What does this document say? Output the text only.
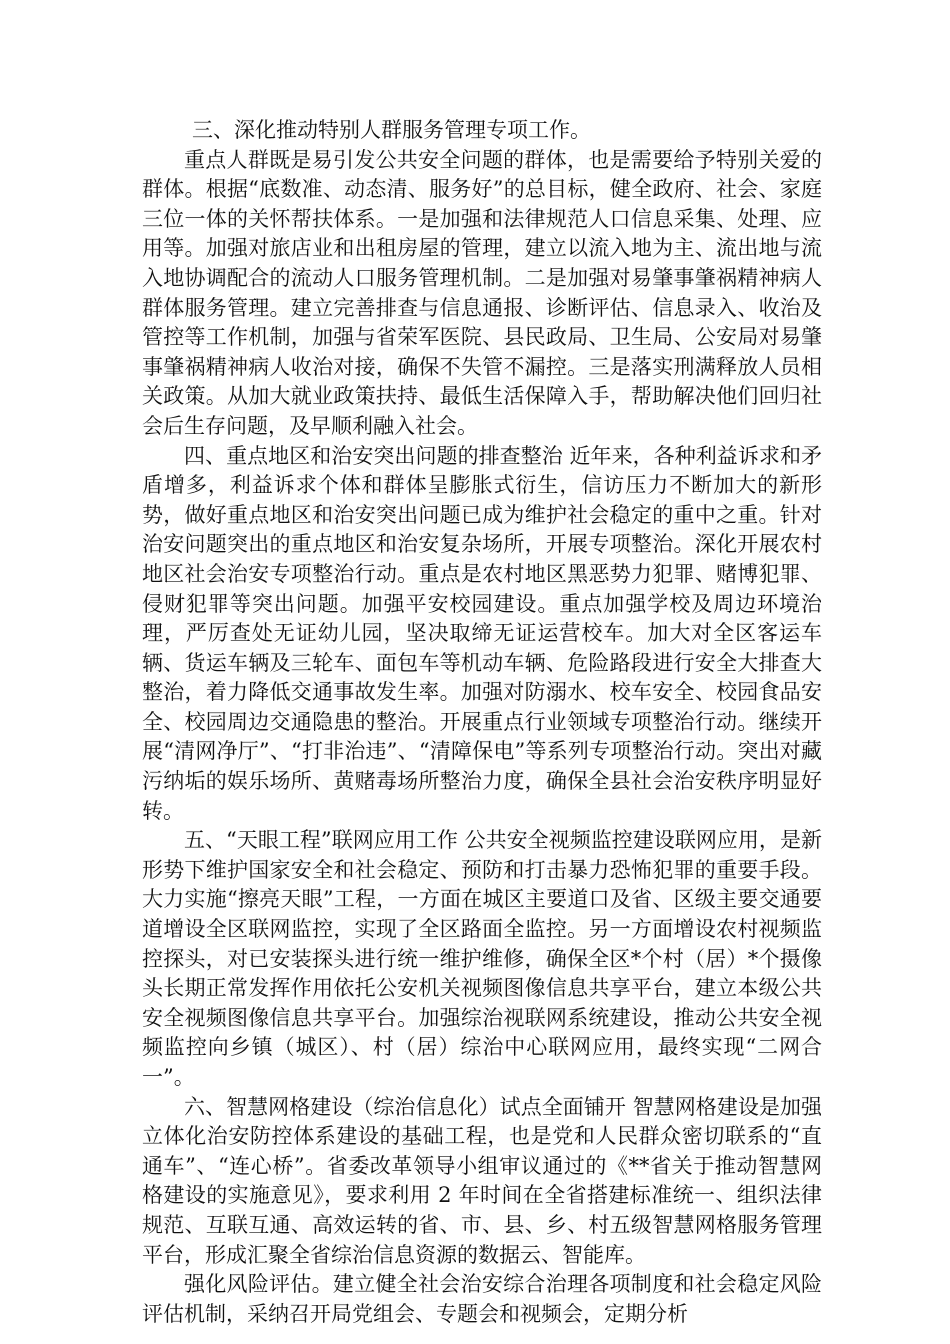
三、深化推动特别人群服务管理专项工作。

重点人群既是易引发公共安全问题的群体，也是需要给予特别关爱的群体。根据“底数准、动态清、服务好”的总目标，健全政府、社会、家庭三位一体的关怀帮扶体系。一是加强和法律规范人口信息采集、处理、应用等。加强对旅店业和出租房屋的管理，建立以流入地为主、流出地与流入地协调配合的流动人口服务管理机制。二是加强对易肇事肇祸精神病人群体服务管理。建立完善排查与信息通报、诊断评估、信息录入、收治及管控等工作机制，加强与省荣军医院、县民政局、卫生局、公安局对易肇事肇祸精神病人收治对接，确保不失管不漏控。三是落实刑满释放人员相关政策。从加大就业政策扶持、最低生活保障入手，帮助解决他们回归社会后生存问题，及早顺利融入社会。

四、重点地区和治安突出问题的排查整治 近年来，各种利益诉求和矛盾增多，利益诉求个体和群体呈膨胀式衍生，信访压力不断加大的新形势，做好重点地区和治安突出问题已成为维护社会稳定的重中之重。针对治安问题突出的重点地区和治安复杂场所，开展专项整治。深化开展农村地区社会治安专项整治行动。重点是农村地区黑恶势力犯罪、赌博犯罪、侵财犯罪等突出问题。加强平安校园建设。重点加强学校及周边环境治理，严厉查处无证幼儿园，坚决取缔无证运营校车。加大对全区客运车辆、货运车辆及三轮车、面包车等机动车辆、危险路段进行安全大排查大整治，着力降低交通事故发生率。加强对防溺水、校车安全、校园食品安全、校园周边交通隐患的整治。开展重点行业领域专项整治行动。继续开展“清网净厅”、“打非治违”、“清障保电”等系列专项整治行动。突出对藏污纳垢的娱乐场所、黄赌毒场所整治力度，确保全县社会治安秩序明显好转。

五、“天眼工程”联网应用工作 公共安全视频监控建设联网应用，是新形势下维护国家安全和社会稳定、预防和打击暴力恐怖犯罪的重要手段。大力实施“擦亮天眼”工程，一方面在城区主要道口及省、区级主要交通要道增设全区联网监控，实现了全区路面全监控。另一方面增设农村视频监控探头，对已安装探头进行统一维护维修，确保全区*个村（居）*个摄像头长期正常发挥作用依托公安机关视频图像信息共享平台，建立本级公共安全视频图像信息共享平台。加强综治视联网系统建设，推动公共安全视频监控向乡镇（城区）、村（居）综治中心联网应用，最终实现“二网合一”。

六、智慧网格建设（综治信息化）试点全面铺开 智慧网格建设是加强立体化治安防控体系建设的基础工程，也是党和人民群众密切联系的“直通车”、“连心桥”。省委改革领导小组审议通过的《**省关于推动智慧网格建设的实施意见》，要求利用 2 年时间在全省搭建标准统一、组织法律规范、互联互通、高效运转的省、市、县、乡、村五级智慧网格服务管理平台，形成汇聚全省综治信息资源的数据云、智能库。

强化风险评估。建立健全社会治安综合治理各项制度和社会稳定风险评估机制，采纳召开局党组会、专题会和视频会，定期分析
